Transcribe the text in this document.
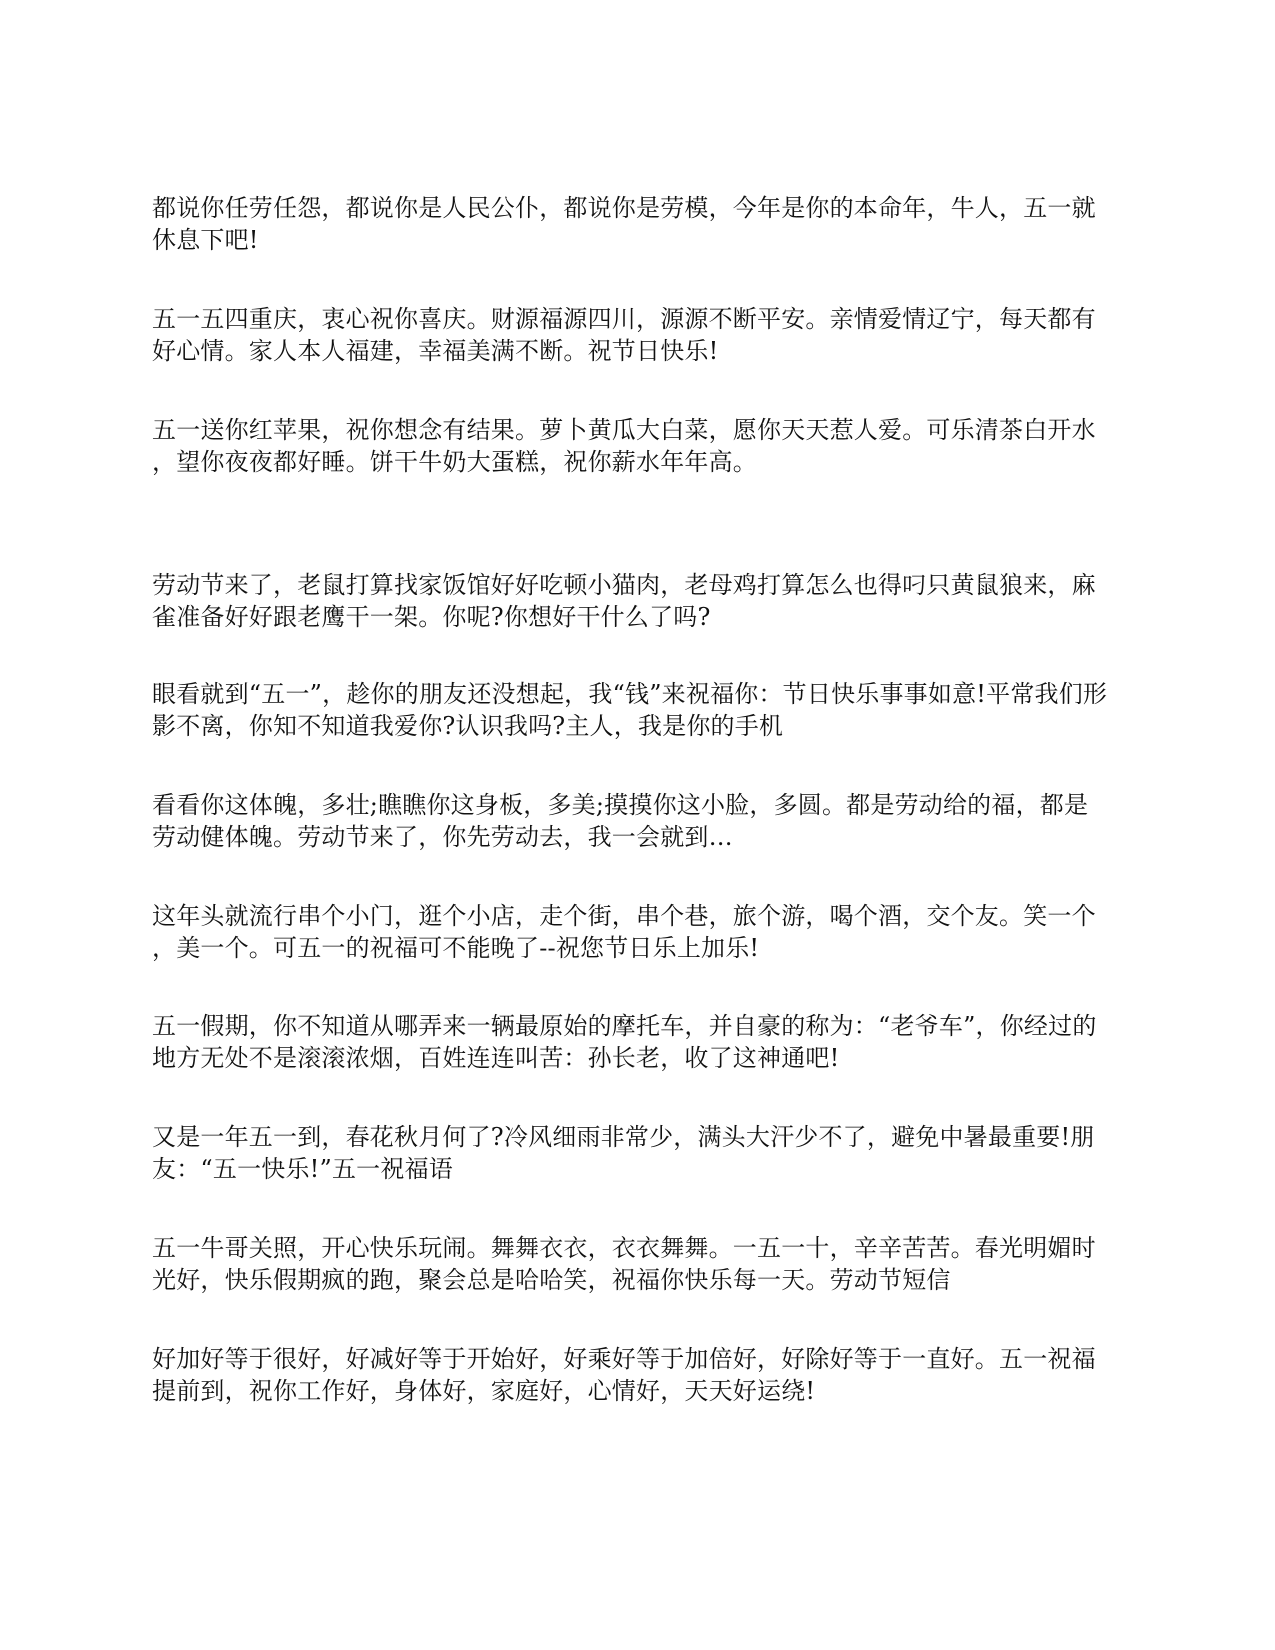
都说你任劳任怨，都说你是人民公仆，都说你是劳模，今年是你的本命年，牛人，五一就
休息下吧!

五一五四重庆，衷心祝你喜庆。财源福源四川，源源不断平安。亲情爱情辽宁，每天都有
好心情。家人本人福建，幸福美满不断。祝节日快乐!

五一送你红苹果，祝你想念有结果。萝卜黄瓜大白菜，愿你天天惹人爱。可乐清茶白开水
，望你夜夜都好睡。饼干牛奶大蛋糕，祝你薪水年年高。

劳动节来了，老鼠打算找家饭馆好好吃顿小猫肉，老母鸡打算怎么也得叼只黄鼠狼来，麻
雀准备好好跟老鹰干一架。你呢?你想好干什么了吗?

眼看就到“五一”，趁你的朋友还没想起，我“钱”来祝福你：节日快乐事事如意!平常我们形
影不离，你知不知道我爱你?认识我吗?主人，我是你的手机

看看你这体魄，多壮;瞧瞧你这身板，多美;摸摸你这小脸，多圆。都是劳动给的福，都是
劳动健体魄。劳动节来了，你先劳动去，我一会就到…

这年头就流行串个小门，逛个小店，走个街，串个巷，旅个游，喝个酒，交个友。笑一个
，美一个。可五一的祝福可不能晚了--祝您节日乐上加乐!

五一假期，你不知道从哪弄来一辆最原始的摩托车，并自豪的称为：“老爷车”，你经过的
地方无处不是滚滚浓烟，百姓连连叫苦：孙长老，收了这神通吧!

又是一年五一到，春花秋月何了?冷风细雨非常少，满头大汗少不了，避免中暑最重要!朋
友：“五一快乐!”五一祝福语

五一牛哥关照，开心快乐玩闹。舞舞衣衣，衣衣舞舞。一五一十，辛辛苦苦。春光明媚时
光好，快乐假期疯的跑，聚会总是哈哈笑，祝福你快乐每一天。劳动节短信

好加好等于很好，好减好等于开始好，好乘好等于加倍好，好除好等于一直好。五一祝福
提前到，祝你工作好，身体好，家庭好，心情好，天天好运绕!
